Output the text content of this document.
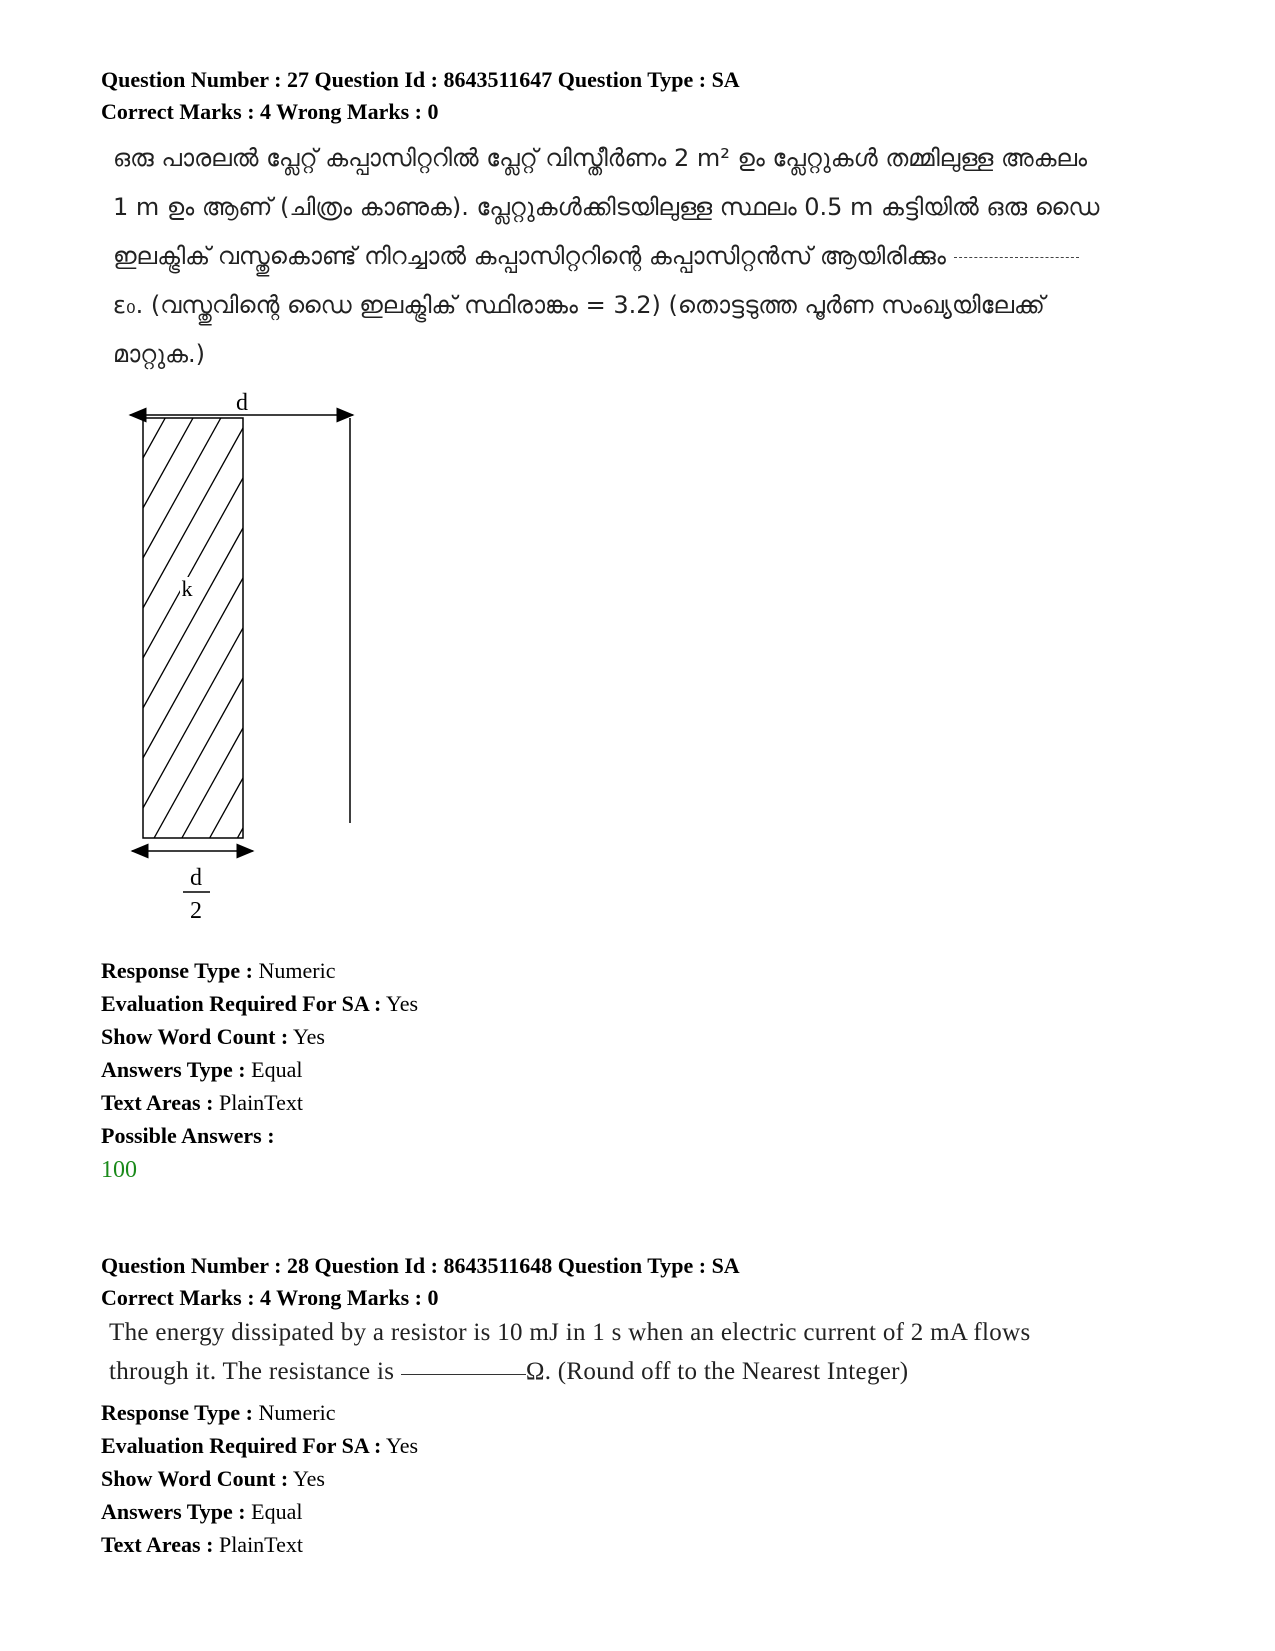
Question Number : 27 Question Id : 8643511647 Question Type : SA
Correct Marks : 4 Wrong Marks : 0
ഒരു പാരലൽ പ്ലേറ്റ് കപ്പാസിറ്ററിൽ പ്ലേറ്റ് വിസ്തീർണം 2 m² ഉം പ്ലേറ്റുകൾ തമ്മിലുള്ള അകലം
1 m ഉം ആണ് (ചിത്രം കാണുക). പ്ലേറ്റുകൾക്കിടയിലുള്ള സ്ഥലം 0.5 m കട്ടിയിൽ ഒരു ഡൈ
ഇലക്ട്രിക് വസ്തുകൊണ്ട് നിറച്ചാൽ കപ്പാസിറ്ററിന്റെ കപ്പാസിറ്റൻസ് ആയിരിക്കും
ε₀. (വസ്തുവിന്റെ ഡൈ ഇലക്ട്രിക് സ്ഥിരാങ്കം = 3.2) (തൊട്ടടുത്ത പൂർണ സംഖ്യയിലേക്ക്
മാറ്റുക.)
d
k
d
2
Response Type : Numeric
Evaluation Required For SA : Yes
Show Word Count : Yes
Answers Type : Equal
Text Areas : PlainText
Possible Answers :
100
Question Number : 28 Question Id : 8643511648 Question Type : SA
Correct Marks : 4 Wrong Marks : 0
The energy dissipated by a resistor is 10 mJ in 1 s when an electric current of 2 mA flows
through it. The resistance is	Ω. (Round off to the Nearest Integer)
Response Type : Numeric
Evaluation Required For SA : Yes
Show Word Count : Yes
Answers Type : Equal
Text Areas : PlainText
